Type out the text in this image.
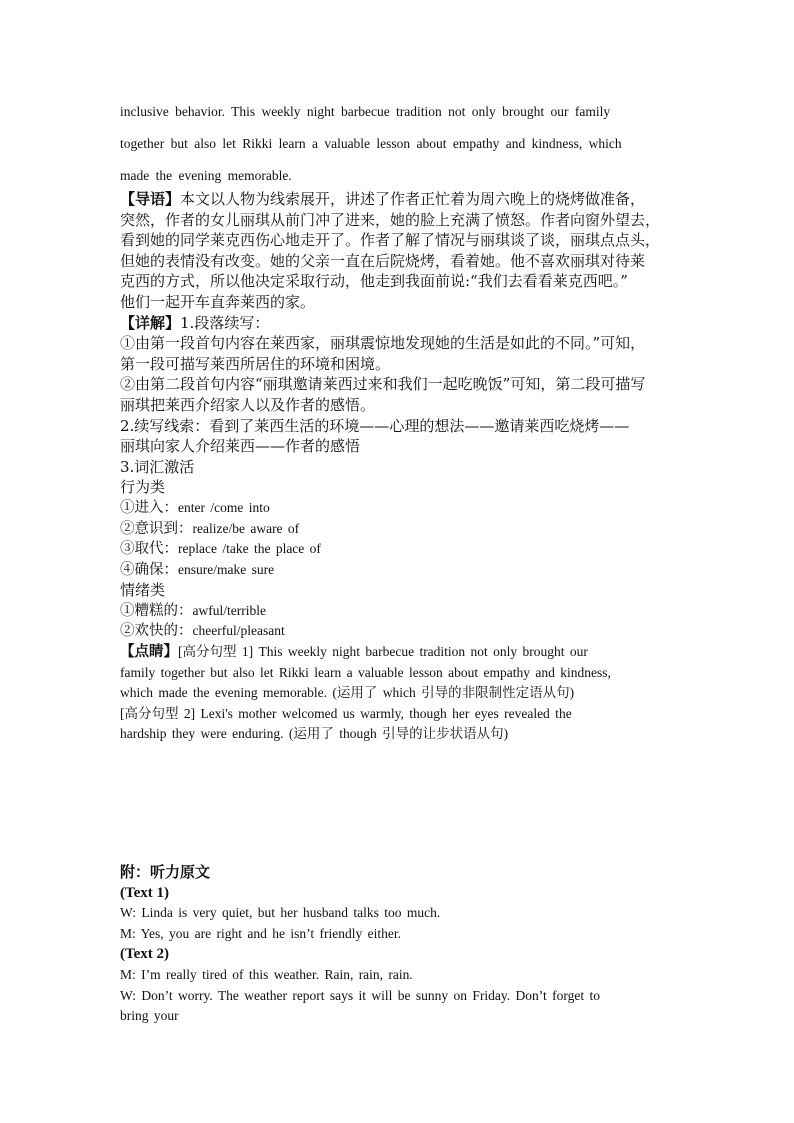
inclusive behavior. This weekly night barbecue tradition not only brought our family
together but also let Rikki learn a valuable lesson about empathy and kindness, which
made the evening memorable.

【导语】本文以人物为线索展开，讲述了作者正忙着为周六晚上的烧烤做准备，

突然，作者的女儿丽琪从前门冲了进来，她的脸上充满了愤怒。作者向窗外望去，

看到她的同学莱克西伤心地走开了。作者了解了情况与丽琪谈了谈，丽琪点点头，

但她的表情没有改变。她的父亲一直在后院烧烤，看着她。他不喜欢丽琪对待莱

克西的方式，所以他决定采取行动，他走到我面前说:“我们去看看莱克西吧。”

他们一起开车直奔莱西的家。

【详解】1.段落续写：

①由第一段首句内容在莱西家，丽琪震惊地发现她的生活是如此的不同。”可知，

第一段可描写莱西所居住的环境和困境。

②由第二段首句内容“丽琪邀请莱西过来和我们一起吃晚饭”可知，第二段可描写

丽琪把莱西介绍家人以及作者的感悟。

2.续写线索：看到了莱西生活的环境——心理的想法——邀请莱西吃烧烤——

丽琪向家人介绍莱西——作者的感悟

3.词汇激活

行为类

①进入：enter /come into

②意识到：realize/be aware of

③取代：replace /take the place of

④确保：ensure/make sure

情绪类

①糟糕的：awful/terrible

②欢快的：cheerful/pleasant

【点睛】[高分句型 1] This weekly night barbecue tradition not only brought our

family together but also let Rikki learn a valuable lesson about empathy and kindness,

which made the evening memorable. (运用了 which 引导的非限制性定语从句)

[高分句型 2] Lexi's mother welcomed us warmly, though her eyes revealed the

hardship they were enduring. (运用了 though 引导的让步状语从句)

附：听力原文

(Text 1)

W: Linda is very quiet, but her husband talks too much.

M: Yes, you are right and he isn’t friendly either.

(Text 2)

M: I’m really tired of this weather. Rain, rain, rain.

W: Don’t worry. The weather report says it will be sunny on Friday. Don’t forget to

bring your
